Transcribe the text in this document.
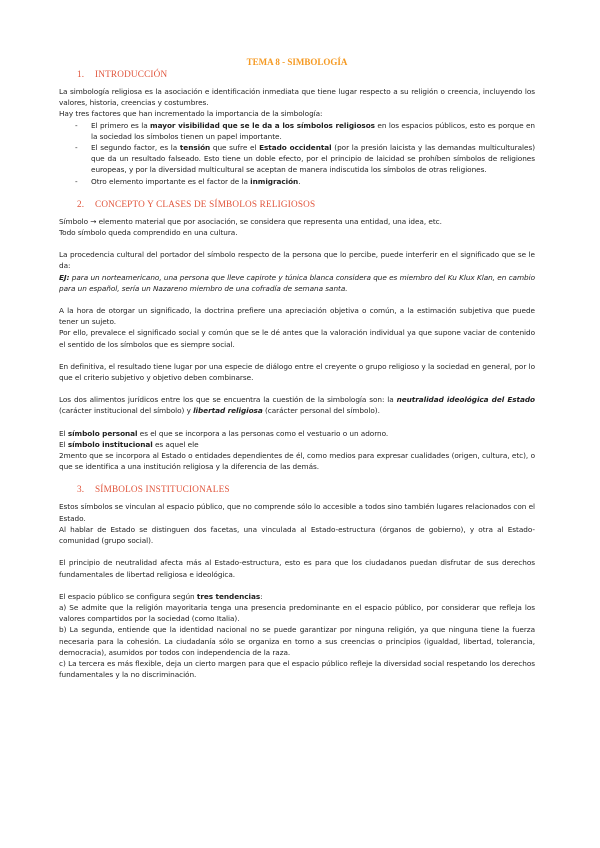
TEMA 8 - SIMBOLOGÍA
1. INTRODUCCIÓN

La simbología religiosa es la asociación e identificación inmediata que tiene lugar respecto a su religión o creencia, incluyendo los valores, historia, creencias y costumbres.

Hay tres factores que han incrementado la importancia de la simbología:

- El primero es la mayor visibilidad que se le da a los símbolos religiosos en los espacios públicos, esto es porque en la sociedad los símbolos tienen un papel importante.
- El segundo factor, es la tensión que sufre el Estado occidental (por la presión laicista y las demandas multiculturales) que da un resultado falseado. Esto tiene un doble efecto, por el principio de laicidad se prohíben símbolos de religiones europeas, y por la diversidad multicultural se aceptan de manera indiscutida los símbolos de otras religiones.
- Otro elemento importante es el factor de la inmigración.
2. CONCEPTO Y CLASES DE SÍMBOLOS RELIGIOSOS

Símbolo → elemento material que por asociación, se considera que representa una entidad, una idea, etc.

Todo símbolo queda comprendido en una cultura.

La procedencia cultural del portador del símbolo respecto de la persona que lo percibe, puede interferir en el significado que se le da:

EJ: para un norteamericano, una persona que lleve capirote y túnica blanca considera que es miembro del Ku Klux Klan, en cambio para un español, sería un Nazareno miembro de una cofradía de semana santa.

A la hora de otorgar un significado, la doctrina prefiere una apreciación objetiva o común, a la estimación subjetiva que puede tener un sujeto.

Por ello, prevalece el significado social y común que se le dé antes que la valoración individual ya que supone vaciar de contenido el sentido de los símbolos que es siempre social.

En definitiva, el resultado tiene lugar por una especie de diálogo entre el creyente o grupo religioso y la sociedad en general, por lo que el criterio subjetivo y objetivo deben combinarse.

Los dos alimentos jurídicos entre los que se encuentra la cuestión de la simbología son: la neutralidad ideológica del Estado (carácter institucional del símbolo) y libertad religiosa (carácter personal del símbolo).

El símbolo personal es el que se incorpora a las personas como el vestuario o un adorno.

El símbolo institucional es aquel ele

2mento que se incorpora al Estado o entidades dependientes de él, como medios para expresar cualidades (origen, cultura, etc), o que se identifica a una institución religiosa y la diferencia de las demás.

3. SÍMBOLOS INSTITUCIONALES

Estos símbolos se vinculan al espacio público, que no comprende sólo lo accesible a todos sino también lugares relacionados con el Estado.

Al hablar de Estado se distinguen dos facetas, una vinculada al Estado-estructura (órganos de gobierno), y otra al Estado-comunidad (grupo social).

El principio de neutralidad afecta más al Estado-estructura, esto es para que los ciudadanos puedan disfrutar de sus derechos fundamentales de libertad religiosa e ideológica.

El espacio público se configura según tres tendencias:

a) Se admite que la religión mayoritaria tenga una presencia predominante en el espacio público, por considerar que refleja los valores compartidos por la sociedad (como Italia).

b) La segunda, entiende que la identidad nacional no se puede garantizar por ninguna religión, ya que ninguna tiene la fuerza necesaria para la cohesión. La ciudadanía sólo se organiza en torno a sus creencias o principios (igualdad, libertad, tolerancia, democracia), asumidos por todos con independencia de la raza.

c) La tercera es más flexible, deja un cierto margen para que el espacio público refleje la diversidad social respetando los derechos fundamentales y la no discriminación.
